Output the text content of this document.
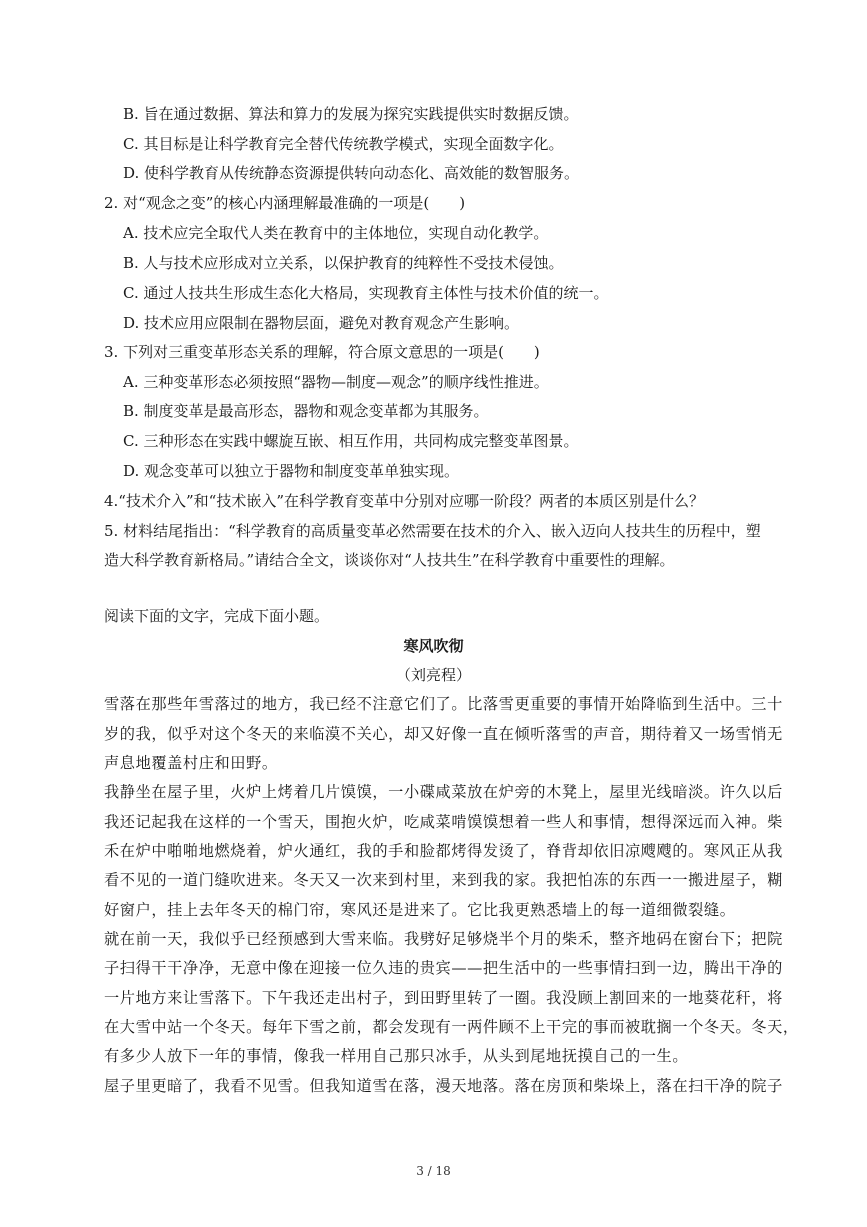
B. 旨在通过数据、算法和算力的发展为探究实践提供实时数据反馈。
C. 其目标是让科学教育完全替代传统教学模式，实现全面数字化。
D. 使科学教育从传统静态资源提供转向动态化、高效能的数智服务。
2. 对“观念之变”的核心内涵理解最准确的一项是(　　)
A. 技术应完全取代人类在教育中的主体地位，实现自动化教学。
B. 人与技术应形成对立关系，以保护教育的纯粹性不受技术侵蚀。
C. 通过人技共生形成生态化大格局，实现教育主体性与技术价值的统一。
D. 技术应用应限制在器物层面，避免对教育观念产生影响。
3. 下列对三重变革形态关系的理解，符合原文意思的一项是(　　)
A. 三种变革形态必须按照“器物—制度—观念”的顺序线性推进。
B. 制度变革是最高形态，器物和观念变革都为其服务。
C. 三种形态在实践中螺旋互嵌、相互作用，共同构成完整变革图景。
D. 观念变革可以独立于器物和制度变革单独实现。
4.“技术介入”和“技术嵌入”在科学教育变革中分别对应哪一阶段？两者的本质区别是什么？
5. 材料结尾指出：“科学教育的高质量变革必然需要在技术的介入、嵌入迈向人技共生的历程中，塑
造大科学教育新格局。”请结合全文，谈谈你对“人技共生”在科学教育中重要性的理解。
阅读下面的文字，完成下面小题。
寒风吹彻
（刘亮程）
雪落在那些年雪落过的地方，我已经不注意它们了。比落雪更重要的事情开始降临到生活中。三十
岁的我，似乎对这个冬天的来临漠不关心，却又好像一直在倾听落雪的声音，期待着又一场雪悄无
声息地覆盖村庄和田野。
我静坐在屋子里，火炉上烤着几片馍馍，一小碟咸菜放在炉旁的木凳上，屋里光线暗淡。许久以后
我还记起我在这样的一个雪天，围抱火炉，吃咸菜啃馍馍想着一些人和事情，想得深远而入神。柴
禾在炉中啪啪地燃烧着，炉火通红，我的手和脸都烤得发烫了，脊背却依旧凉飕飕的。寒风正从我
看不见的一道门缝吹进来。冬天又一次来到村里，来到我的家。我把怕冻的东西一一搬进屋子，糊
好窗户，挂上去年冬天的棉门帘，寒风还是进来了。它比我更熟悉墙上的每一道细微裂缝。
就在前一天，我似乎已经预感到大雪来临。我劈好足够烧半个月的柴禾，整齐地码在窗台下；把院
子扫得干干净净，无意中像在迎接一位久违的贵宾——把生活中的一些事情扫到一边，腾出干净的
一片地方来让雪落下。下午我还走出村子，到田野里转了一圈。我没顾上割回来的一地葵花秆，将
在大雪中站一个冬天。每年下雪之前，都会发现有一两件顾不上干完的事而被耽搁一个冬天。冬天，
有多少人放下一年的事情，像我一样用自己那只冰手，从头到尾地抚摸自己的一生。
屋子里更暗了，我看不见雪。但我知道雪在落，漫天地落。落在房顶和柴垛上，落在扫干净的院子
3 / 18
